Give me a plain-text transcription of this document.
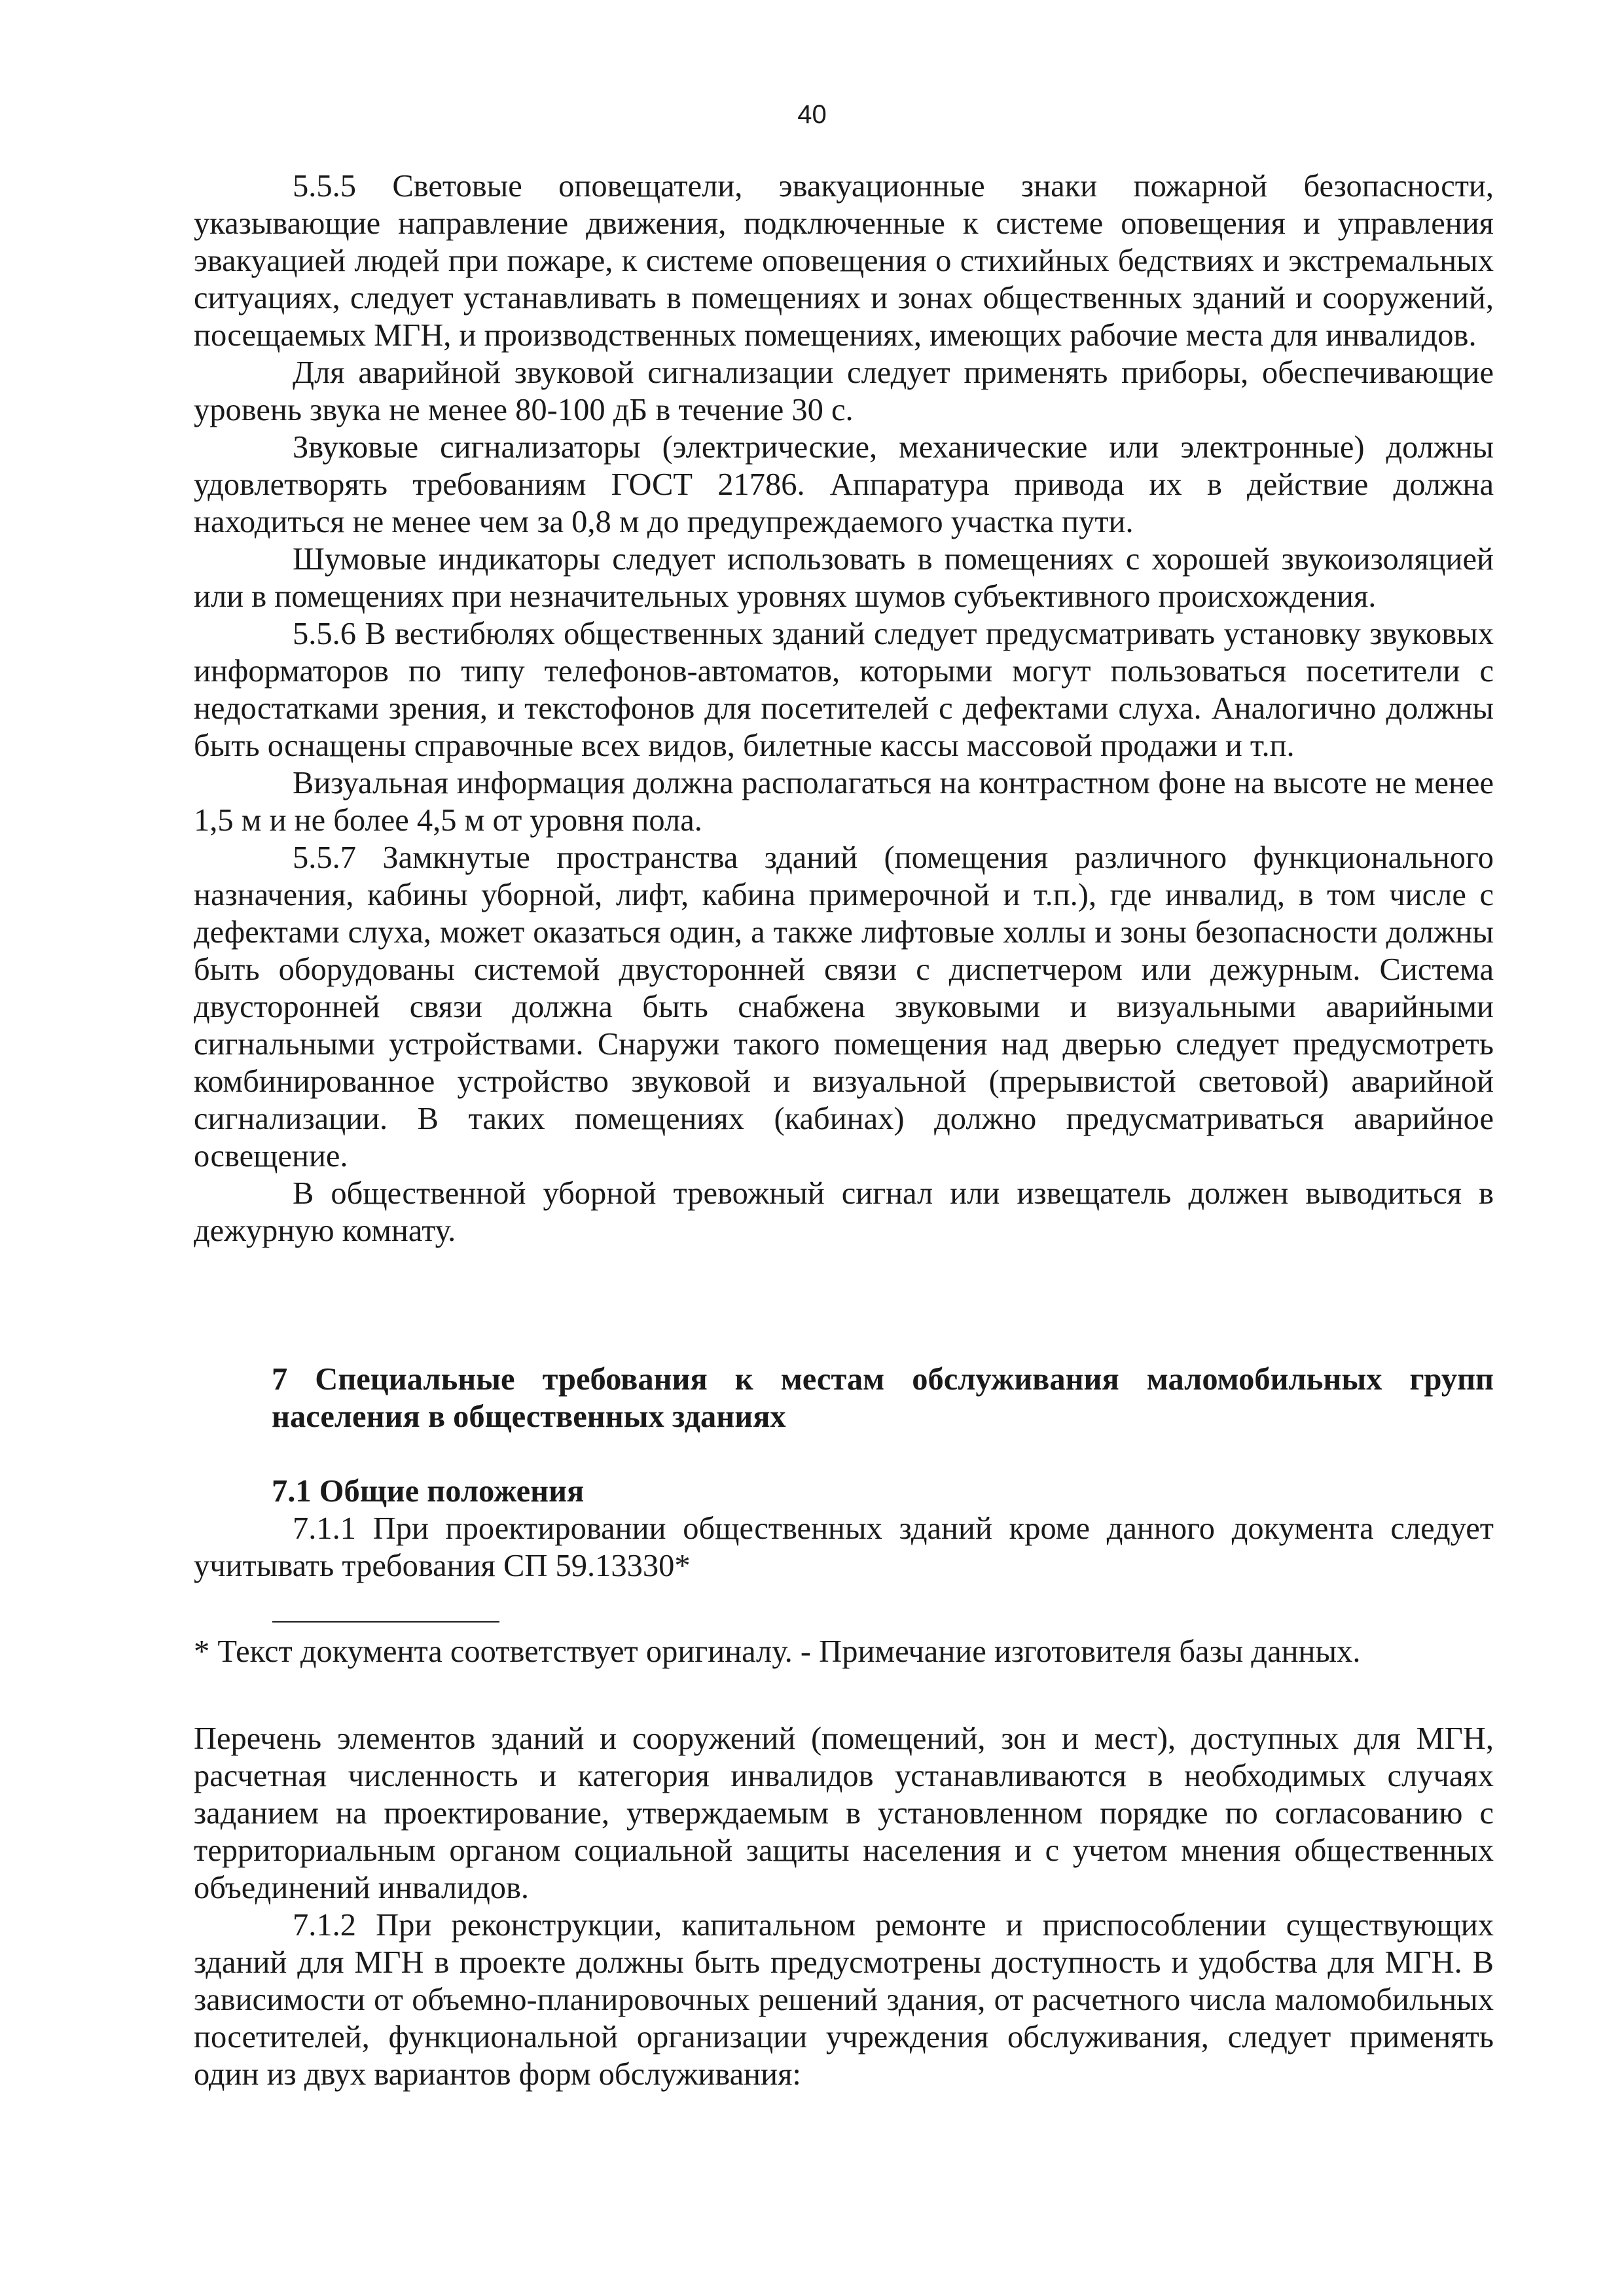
40

5.5.5 Световые оповещатели, эвакуационные знаки пожарной безопасности, указывающие направление движения, подключенные к системе оповещения и управления эвакуацией людей при пожаре, к системе оповещения о стихийных бедствиях и экстремальных ситуациях, следует устанавливать в помещениях и зонах общественных зданий и сооружений, посещаемых МГН, и производственных помещениях, имеющих рабочие места для инвалидов.

Для аварийной звуковой сигнализации следует применять приборы, обеспечивающие уровень звука не менее 80-100 дБ в течение 30 с.

Звуковые сигнализаторы (электрические, механические или электронные) должны удовлетворять требованиям ГОСТ 21786. Аппаратура привода их в действие должна находиться не менее чем за 0,8 м до предупреждаемого участка пути.

Шумовые индикаторы следует использовать в помещениях с хорошей звукоизоляцией или в помещениях при незначительных уровнях шумов субъективного происхождения.

5.5.6 В вестибюлях общественных зданий следует предусматривать установку звуковых информаторов по типу телефонов-автоматов, которыми могут пользоваться посетители с недостатками зрения, и текстофонов для посетителей с дефектами слуха. Аналогично должны быть оснащены справочные всех видов, билетные кассы массовой продажи и т.п.

Визуальная информация должна располагаться на контрастном фоне на высоте не менее 1,5 м и не более 4,5 м от уровня пола.

5.5.7 Замкнутые пространства зданий (помещения различного функционального назначения, кабины уборной, лифт, кабина примерочной и т.п.), где инвалид, в том числе с дефектами слуха, может оказаться один, а также лифтовые холлы и зоны безопасности должны быть оборудованы системой двусторонней связи с диспетчером или дежурным. Система двусторонней связи должна быть снабжена звуковыми и визуальными аварийными сигнальными устройствами. Снаружи такого помещения над дверью следует предусмотреть комбинированное устройство звуковой и визуальной (прерывистой световой) аварийной сигнализации. В таких помещениях (кабинах) должно предусматриваться аварийное освещение.

В общественной уборной тревожный сигнал или извещатель должен выводиться в дежурную комнату.

7 Специальные требования к местам обслуживания маломобильных групп населения в общественных зданиях

7.1 Общие положения

7.1.1 При проектировании общественных зданий кроме данного документа следует учитывать требования СП 59.13330*

* Текст документа соответствует оригиналу. - Примечание изготовителя базы данных.

Перечень элементов зданий и сооружений (помещений, зон и мест), доступных для МГН, расчетная численность и категория инвалидов устанавливаются в необходимых случаях заданием на проектирование, утверждаемым в установленном порядке по согласованию с территориальным органом социальной защиты населения и с учетом мнения общественных объединений инвалидов.

7.1.2 При реконструкции, капитальном ремонте и приспособлении существующих зданий для МГН в проекте должны быть предусмотрены доступность и удобства для МГН. В зависимости от объемно-планировочных решений здания, от расчетного числа маломобильных посетителей, функциональной организации учреждения обслуживания, следует применять один из двух вариантов форм обслуживания:
